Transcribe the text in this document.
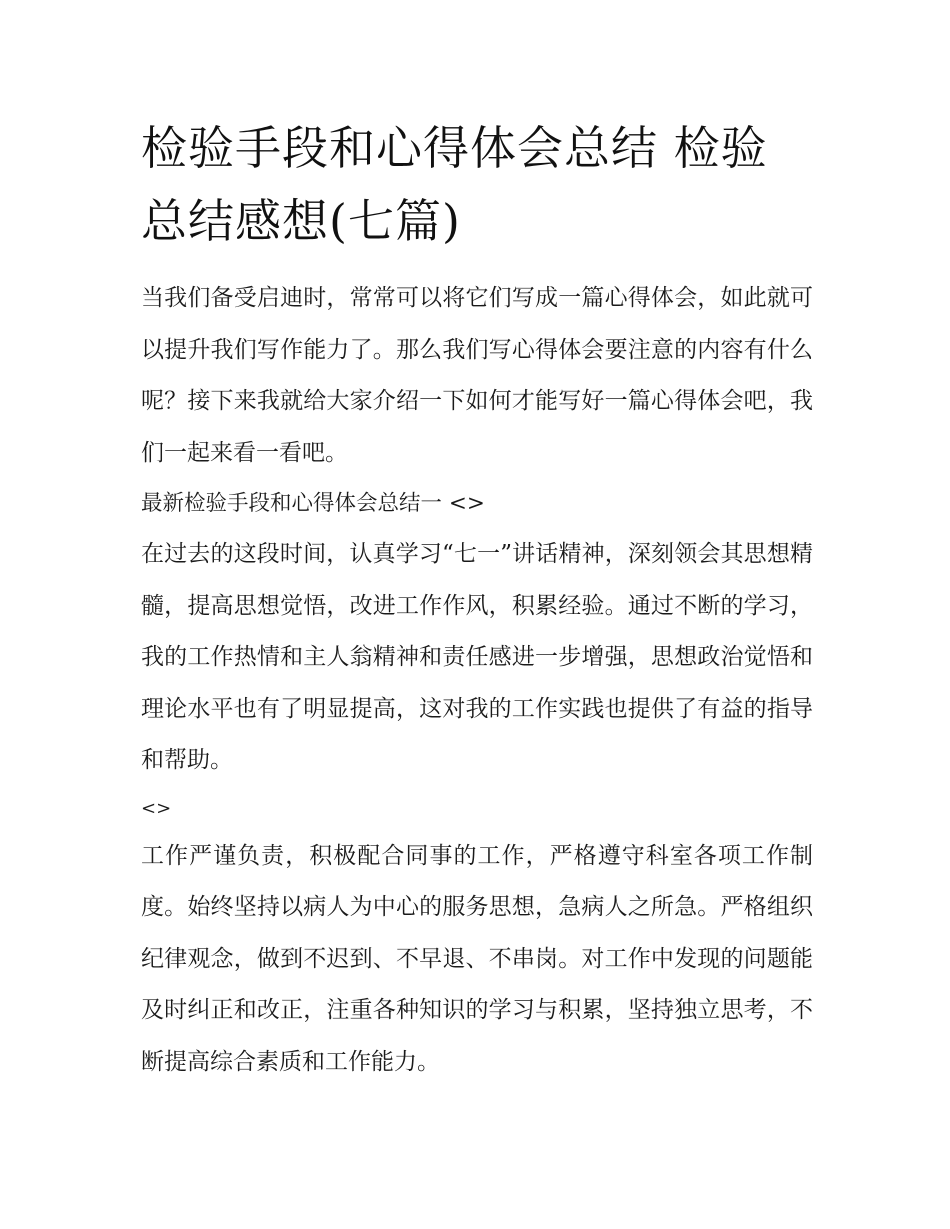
检验手段和心得体会总结 检验总结感想(七篇)

当我们备受启迪时，常常可以将它们写成一篇心得体会，如此就可以提升我们写作能力了。那么我们写心得体会要注意的内容有什么呢？接下来我就给大家介绍一下如何才能写好一篇心得体会吧，我们一起来看一看吧。

最新检验手段和心得体会总结一 <>

在过去的这段时间，认真学习“七一”讲话精神，深刻领会其思想精髓，提高思想觉悟，改进工作作风，积累经验。通过不断的学习，我的工作热情和主人翁精神和责任感进一步增强，思想政治觉悟和理论水平也有了明显提高，这对我的工作实践也提供了有益的指导和帮助。

<>

工作严谨负责，积极配合同事的工作，严格遵守科室各项工作制度。始终坚持以病人为中心的服务思想，急病人之所急。严格组织纪律观念，做到不迟到、不早退、不串岗。对工作中发现的问题能及时纠正和改正，注重各种知识的学习与积累，坚持独立思考，不断提高综合素质和工作能力。
